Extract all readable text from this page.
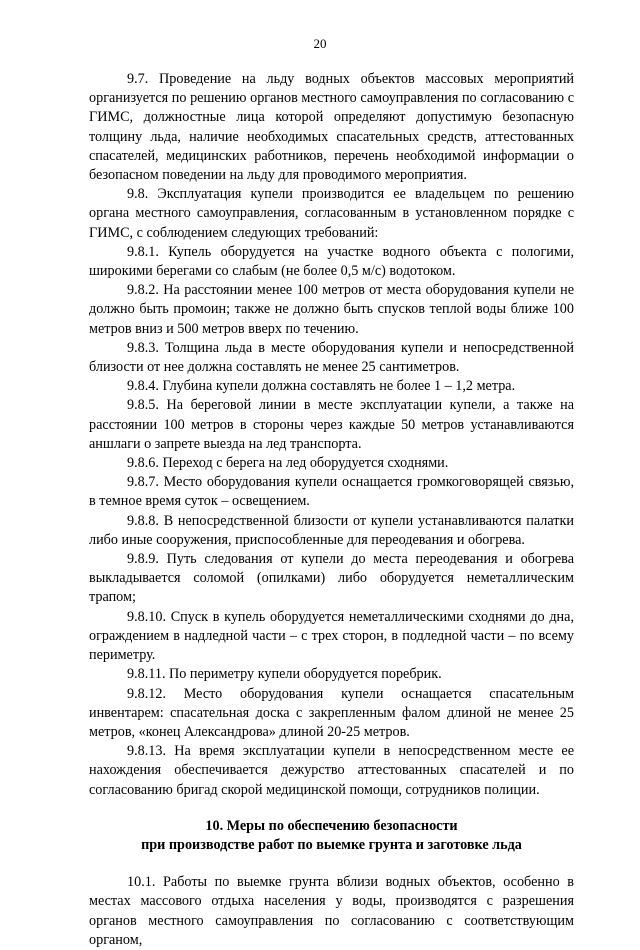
20

9.7. Проведение на льду водных объектов массовых мероприятий организуется по решению органов местного самоуправления по согласованию с ГИМС, должностные лица которой определяют допустимую безопасную толщину льда, наличие необходимых спасательных средств, аттестованных спасателей, медицинских работников, перечень необходимой информации о безопасном поведении на льду для проводимого мероприятия.

9.8. Эксплуатация купели производится ее владельцем по решению органа местного самоуправления, согласованным в установленном порядке с ГИМС, с соблюдением следующих требований:

9.8.1. Купель оборудуется на участке водного объекта с пологими, широкими берегами со слабым (не более 0,5 м/с) водотоком.

9.8.2. На расстоянии менее 100 метров от места оборудования купели не должно быть промоин; также не должно быть спусков теплой воды ближе 100 метров вниз и 500 метров вверх по течению.

9.8.3. Толщина льда в месте оборудования купели и непосредственной близости от нее должна составлять не менее 25 сантиметров.

9.8.4. Глубина купели должна составлять не более 1 – 1,2 метра.

9.8.5. На береговой линии в месте эксплуатации купели, а также на расстоянии 100 метров в стороны через каждые 50 метров устанавливаются аншлаги о запрете выезда на лед транспорта.

9.8.6. Переход с берега на лед оборудуется сходнями.

9.8.7. Место оборудования купели оснащается громкоговорящей связью, в темное время суток – освещением.

9.8.8. В непосредственной близости от купели устанавливаются палатки либо иные сооружения, приспособленные для переодевания и обогрева.

9.8.9. Путь следования от купели до места переодевания и обогрева выкладывается соломой (опилками) либо оборудуется неметаллическим трапом;

9.8.10. Спуск в купель оборудуется неметаллическими сходнями до дна, ограждением в надледной части – с трех сторон, в подледной части – по всему периметру.

9.8.11. По периметру купели оборудуется поребрик.

9.8.12. Место оборудования купели оснащается спасательным инвентарем: спасательная доска с закрепленным фалом длиной не менее 25 метров, «конец Александрова» длиной 20-25 метров.

9.8.13. На время эксплуатации купели в непосредственном месте ее нахождения обеспечивается дежурство аттестованных спасателей и по согласованию бригад скорой медицинской помощи, сотрудников полиции.

10. Меры по обеспечению безопасности
при производстве работ по выемке грунта и заготовке льда

10.1. Работы по выемке грунта вблизи водных объектов, особенно в местах массового отдыха населения у воды, производятся с разрешения органов местного самоуправления по согласованию с соответствующим органом,
